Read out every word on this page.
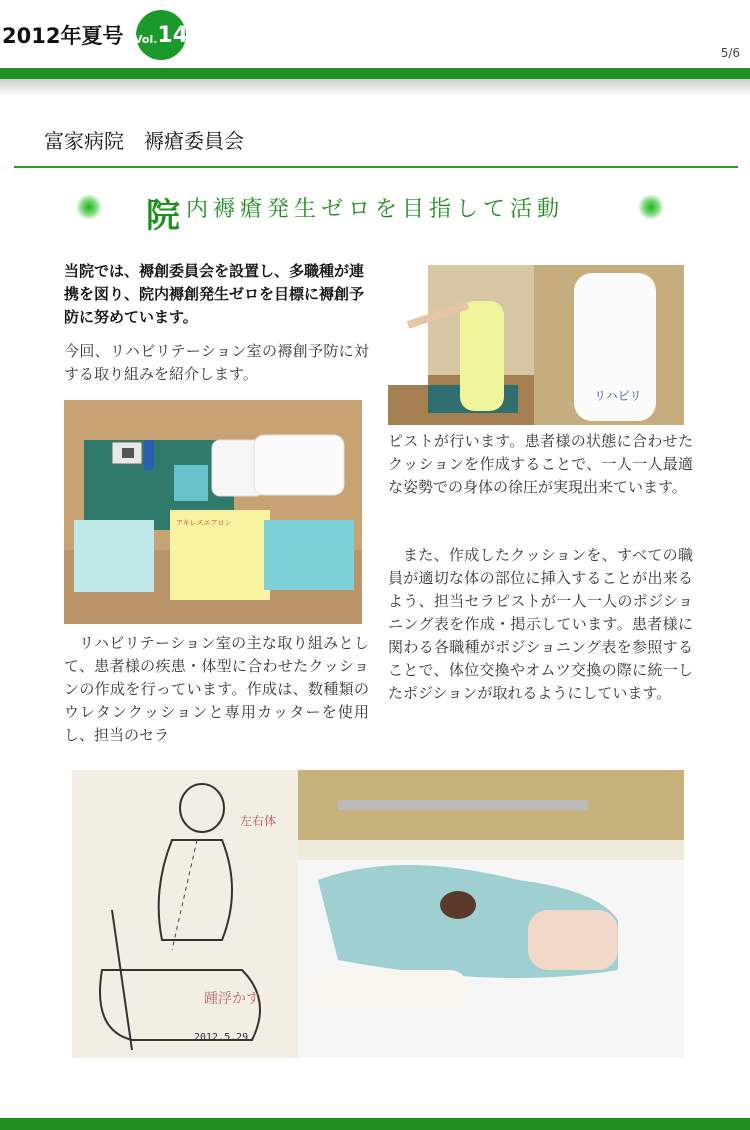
2012年夏号 Vol. 14
5/6
富家病院　褥瘡委員会
院 内褥瘡発生ゼロを目指して活動
当院では、褥創委員会を設置し、多職種が連携を図り、院内褥創発生ゼロを目標に褥創予防に努めています。
今回、リハビリテーション室の褥創予防に対する取り組みを紹介します。
アキレスエアロン
リハビリテーション室の主な取り組みとして、患者様の疾患・体型に合わせたクッションの作成を行っています。作成は、数種類のウレタンクッションと専用カッターを使用し、担当のセラ
リハビリ
ピストが行います。患者様の状態に合わせたクッションを作成することで、一人一人最適な姿勢での身体の徐圧が実現出来ています。
また、作成したクッションを、すべての職員が適切な体の部位に挿入することが出来るよう、担当セラピストが一人一人のポジショニング表を作成・掲示しています。患者様に関わる各職種がポジショニング表を参照することで、体位交換やオムツ交換の際に統一したポジションが取れるようにしています。
左右体
踵浮かす
2012.5.29
